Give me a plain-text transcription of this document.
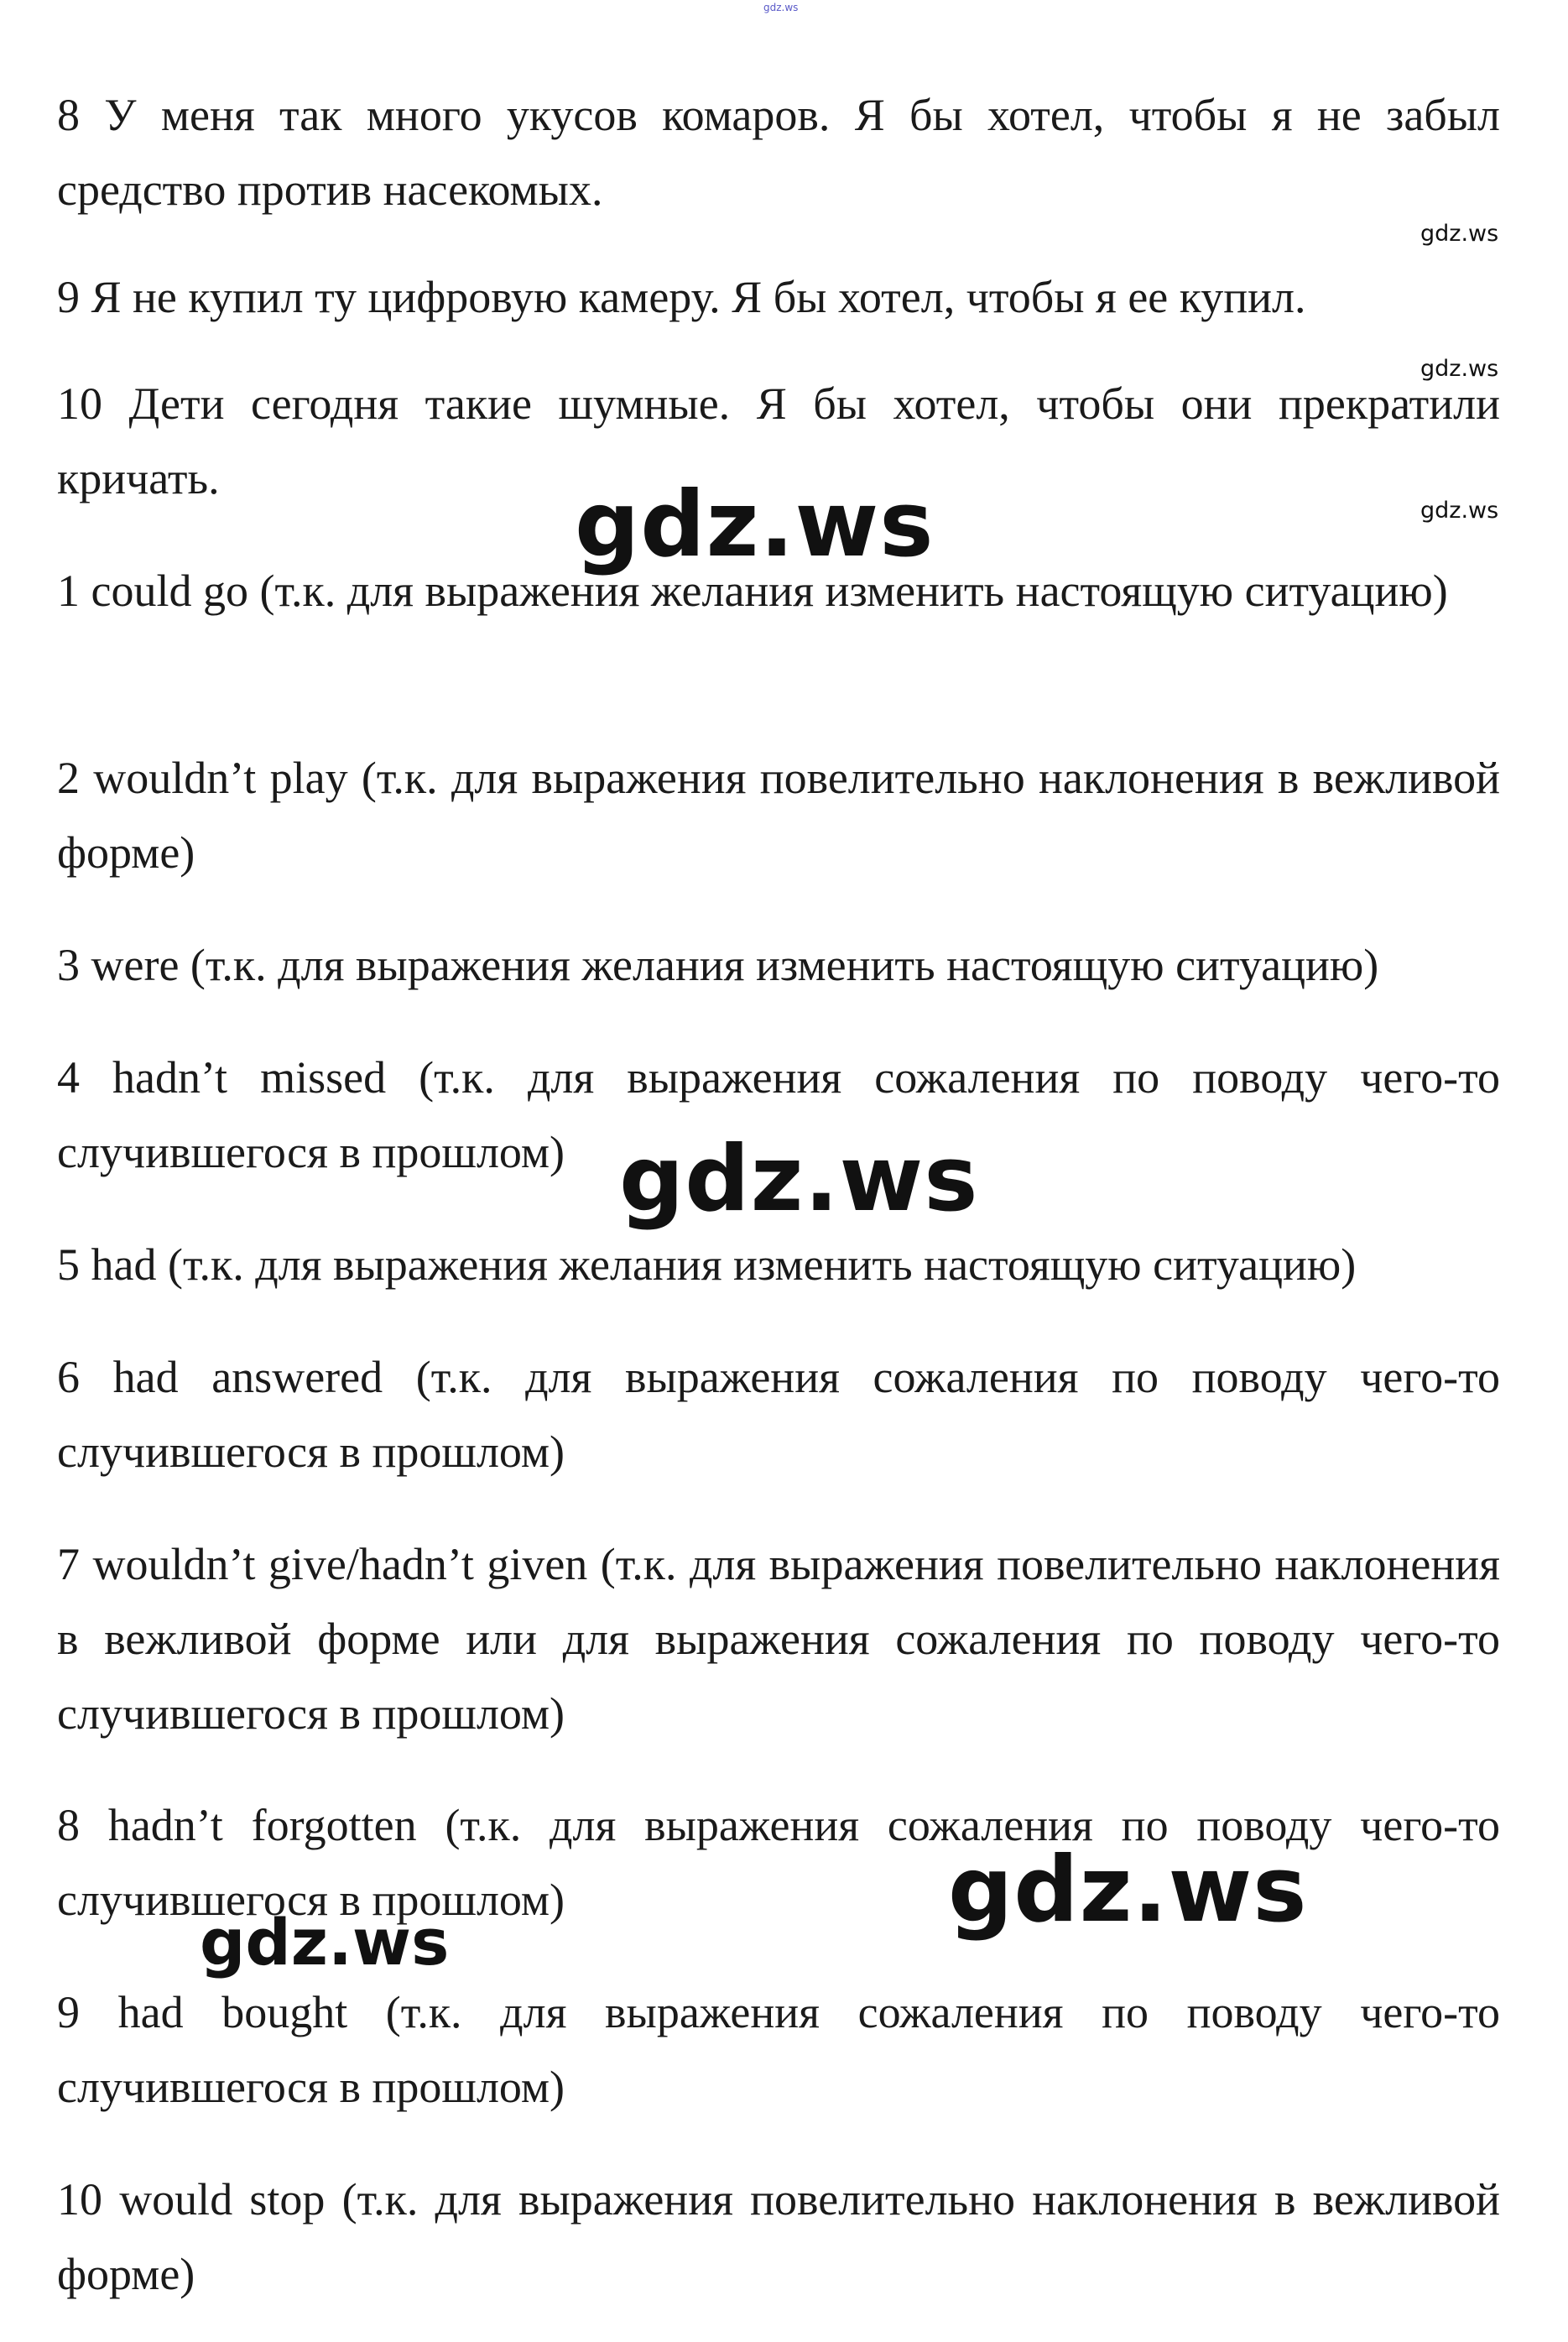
gdz.ws

8 У меня так много укусов комаров. Я бы хотел, чтобы я не забыл средство против насекомых.

9 Я не купил ту цифровую камеру. Я бы хотел, чтобы я ее купил.

10 Дети сегодня такие шумные. Я бы хотел, чтобы они прекратили кричать.

1 could go (т.к. для выражения желания изменить настоящую ситуацию)

2 wouldn’t play (т.к. для выражения повелительно наклонения в вежливой форме)

3 were (т.к. для выражения желания изменить настоящую ситуацию)

4 hadn’t missed (т.к. для выражения сожаления по поводу чего-то случившегося в прошлом)

5 had (т.к. для выражения желания изменить настоящую ситуацию)

6 had answered (т.к. для выражения сожаления по поводу чего-то случившегося в прошлом)

7 wouldn’t give/hadn’t given (т.к. для выражения повелительно наклонения в вежливой форме или для выражения сожаления по поводу чего-то случившегося в прошлом)

8 hadn’t forgotten (т.к. для выражения сожаления по поводу чего-то случившегося в прошлом)

9 had bought (т.к. для выражения сожаления по поводу чего-то случившегося в прошлом)

10 would stop (т.к. для выражения повелительно наклонения в вежливой форме)

gdz.ws
gdz.ws
gdz.ws
gdz.ws
gdz.ws
gdz.ws
gdz.ws
